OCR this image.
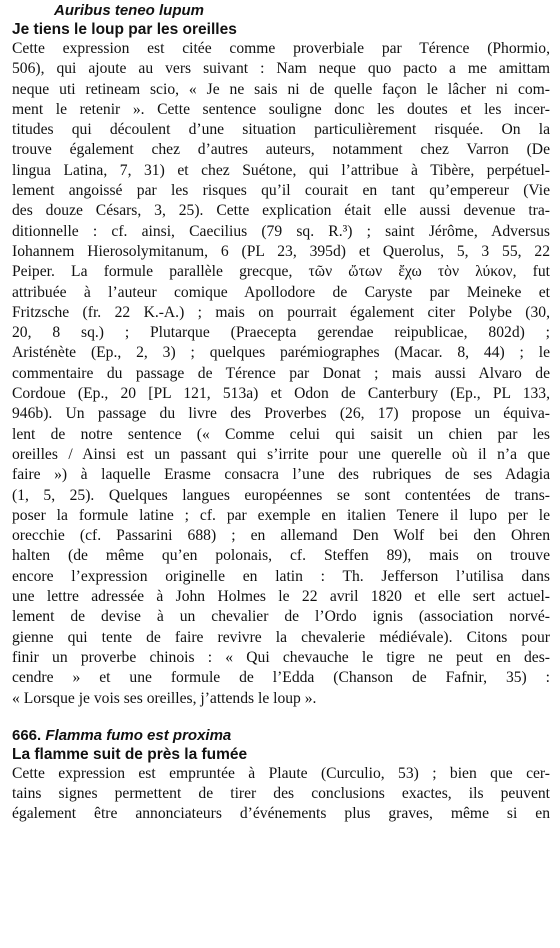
Auribus teneo lupum
Je tiens le loup par les oreilles
Cette expression est citée comme proverbiale par Térence (Phormio,
506), qui ajoute au vers suivant : Nam neque quo pacto a me amittam
neque uti retineam scio, « Je ne sais ni de quelle façon le lâcher ni com-
ment le retenir ». Cette sentence souligne donc les doutes et les incer-
titudes qui découlent d’une situation particulièrement risquée. On la
trouve également chez d’autres auteurs, notamment chez Varron (De
lingua Latina, 7, 31) et chez Suétone, qui l’attribue à Tibère, perpétuel-
lement angoissé par les risques qu’il courait en tant qu’empereur (Vie
des douze Césars, 3, 25). Cette explication était elle aussi devenue tra-
ditionnelle : cf. ainsi, Caecilius (79 sq. R.³) ; saint Jérôme, Adversus
Iohannem Hierosolymitanum, 6 (PL 23, 395d) et Querolus, 5, 3 55, 22
Peiper. La formule parallèle grecque, τῶν ὤτων ἔχω τὸν λύκον, fut
attribuée à l’auteur comique Apollodore de Caryste par Meineke et
Fritzsche (fr. 22 K.-A.) ; mais on pourrait également citer Polybe (30,
20, 8 sq.) ; Plutarque (Praecepta gerendae reipublicae, 802d) ;
Aristénète (Ep., 2, 3) ; quelques parémiographes (Macar. 8, 44) ; le
commentaire du passage de Térence par Donat ; mais aussi Alvaro de
Cordoue (Ep., 20 [PL 121, 513a) et Odon de Canterbury (Ep., PL 133,
946b). Un passage du livre des Proverbes (26, 17) propose un équiva-
lent de notre sentence (« Comme celui qui saisit un chien par les
oreilles / Ainsi est un passant qui s’irrite pour une querelle où il n’a que
faire ») à laquelle Erasme consacra l’une des rubriques de ses Adagia
(1, 5, 25). Quelques langues européennes se sont contentées de trans-
poser la formule latine ; cf. par exemple en italien Tenere il lupo per le
orecchie (cf. Passarini 688) ; en allemand Den Wolf bei den Ohren
halten (de même qu’en polonais, cf. Steffen 89), mais on trouve
encore l’expression originelle en latin : Th. Jefferson l’utilisa dans
une lettre adressée à John Holmes le 22 avril 1820 et elle sert actuel-
lement de devise à un chevalier de l’Ordo ignis (association norvé-
gienne qui tente de faire revivre la chevalerie médiévale). Citons pour
finir un proverbe chinois : « Qui chevauche le tigre ne peut en des-
cendre » et une formule de l’Edda (Chanson de Fafnir, 35) :
« Lorsque je vois ses oreilles, j’attends le loup ».
666. Flamma fumo est proxima
La flamme suit de près la fumée
Cette expression est empruntée à Plaute (Curculio, 53) ; bien que cer-
tains signes permettent de tirer des conclusions exactes, ils peuvent
également être annonciateurs d’événements plus graves, même si en
